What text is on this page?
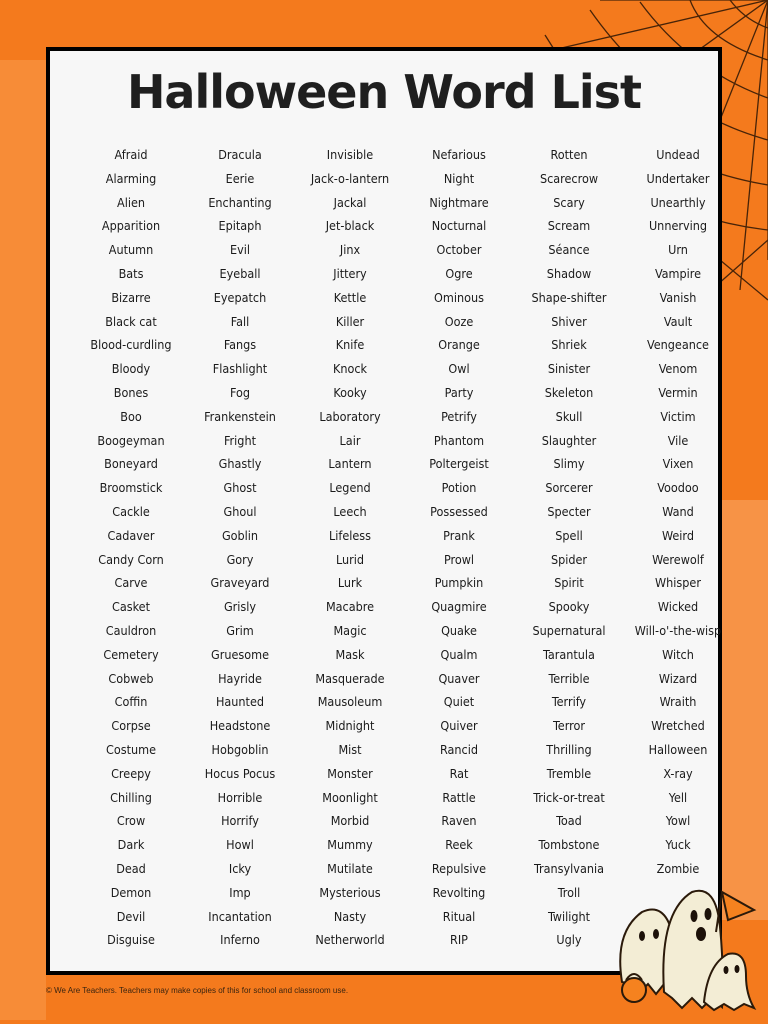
Halloween Word List
Afraid
Alarming
Alien
Apparition
Autumn
Bats
Bizarre
Black cat
Blood-curdling
Bloody
Bones
Boo
Boogeyman
Boneyard
Broomstick
Cackle
Cadaver
Candy Corn
Carve
Casket
Cauldron
Cemetery
Cobweb
Coffin
Corpse
Costume
Creepy
Chilling
Crow
Dark
Dead
Demon
Devil
Disguise
Dracula
Eerie
Enchanting
Epitaph
Evil
Eyeball
Eyepatch
Fall
Fangs
Flashlight
Fog
Frankenstein
Fright
Ghastly
Ghost
Ghoul
Goblin
Gory
Graveyard
Grisly
Grim
Gruesome
Hayride
Haunted
Headstone
Hobgoblin
Hocus Pocus
Horrible
Horrify
Howl
Icky
Imp
Incantation
Inferno
Invisible
Jack-o-lantern
Jackal
Jet-black
Jinx
Jittery
Kettle
Killer
Knife
Knock
Kooky
Laboratory
Lair
Lantern
Legend
Leech
Lifeless
Lurid
Lurk
Macabre
Magic
Mask
Masquerade
Mausoleum
Midnight
Mist
Monster
Moonlight
Morbid
Mummy
Mutilate
Mysterious
Nasty
Netherworld
Nefarious
Night
Nightmare
Nocturnal
October
Ogre
Ominous
Ooze
Orange
Owl
Party
Petrify
Phantom
Poltergeist
Potion
Possessed
Prank
Prowl
Pumpkin
Quagmire
Quake
Qualm
Quaver
Quiet
Quiver
Rancid
Rat
Rattle
Raven
Reek
Repulsive
Revolting
Ritual
RIP
Rotten
Scarecrow
Scary
Scream
Séance
Shadow
Shape-shifter
Shiver
Shriek
Sinister
Skeleton
Skull
Slaughter
Slimy
Sorcerer
Specter
Spell
Spider
Spirit
Spooky
Supernatural
Tarantula
Terrible
Terrify
Terror
Thrilling
Tremble
Trick-or-treat
Toad
Tombstone
Transylvania
Troll
Twilight
Ugly
Undead
Undertaker
Unearthly
Unnerving
Urn
Vampire
Vanish
Vault
Vengeance
Venom
Vermin
Victim
Vile
Vixen
Voodoo
Wand
Weird
Werewolf
Whisper
Wicked
Will-o'-the-wisp
Witch
Wizard
Wraith
Wretched
Halloween
X-ray
Yell
Yowl
Yuck
Zombie
© We Are Teachers. Teachers may make copies of this for school and classroom use.
